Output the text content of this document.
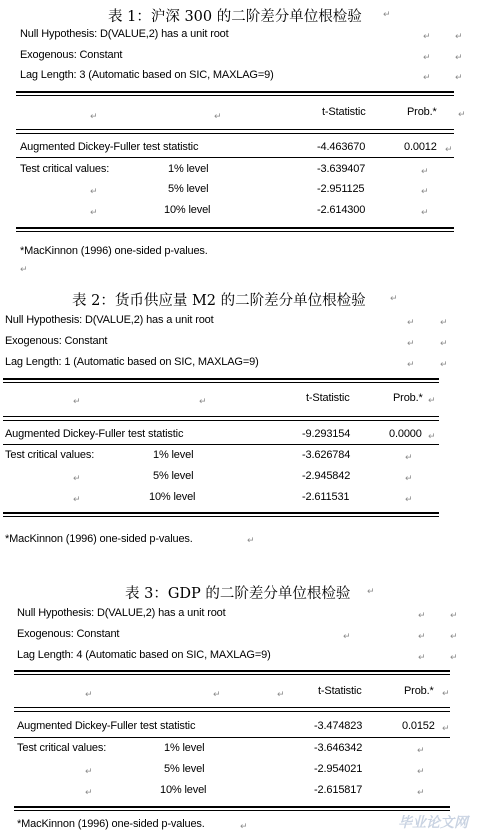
表 1：沪深 300 的二阶差分单位根检验 ↵
Null Hypothesis: D(VALUE,2) has a unit root	↵	↵
Exogenous: Constant	↵	↵
Lag Length: 3 (Automatic based on SIC, MAXLAG=9)	↵	↵
↵	↵	t-Statistic	Prob.* ↵
Augmented Dickey-Fuller test statistic	-4.463670	0.0012 ↵
Test critical values:	1% level	-3.639407	↵
↵	5% level	-2.951125	↵
↵	10% level	-2.614300	↵
*MacKinnon (1996) one-sided p-values.
↵
表 2：货币供应量 M2 的二阶差分单位根检验	↵
Null Hypothesis: D(VALUE,2) has a unit root	↵	↵
Exogenous: Constant	↵	↵
Lag Length: 1 (Automatic based on SIC, MAXLAG=9)	↵	↵
↵	↵	t-Statistic	Prob.* ↵
Augmented Dickey-Fuller test statistic	-9.293154	0.0000 ↵
Test critical values:	1% level	-3.626784	↵
↵	5% level	-2.945842	↵
↵	10% level	-2.611531	↵
*MacKinnon (1996) one-sided p-values.	↵
表 3：GDP 的二阶差分单位根检验 ↵
Null Hypothesis: D(VALUE,2) has a unit root	↵	↵
Exogenous: Constant	↵	↵	↵
Lag Length: 4 (Automatic based on SIC, MAXLAG=9)	↵	↵
↵	↵	↵	t-Statistic	Prob.* ↵
Augmented Dickey-Fuller test statistic	-3.474823	0.0152 ↵
Test critical values:	1% level	-3.646342	↵
↵	5% level	-2.954021	↵
↵	10% level	-2.615817	↵
*MacKinnon (1996) one-sided p-values.	↵	毕业论文网
